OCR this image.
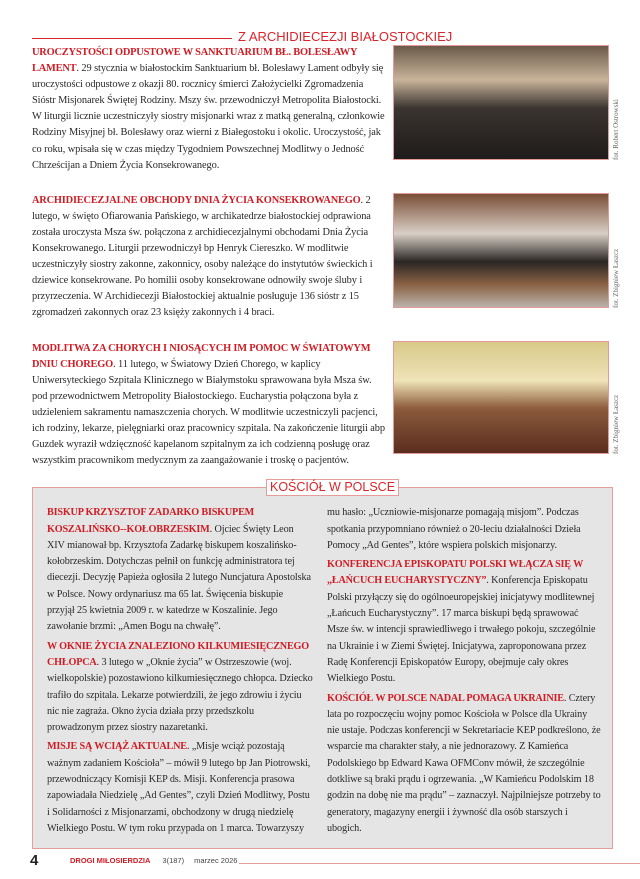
Z ARCHIDIECEZJI BIAŁOSTOCKIEJ
UROCZYSTOŚCI ODPUSTOWE W SANKTUARIUM BŁ. BOLESŁAWY LAMENT. 29 stycznia w białostockim Sanktuarium bł. Bolesławy Lament odbyły się uroczystości odpustowe z okazji 80. rocznicy śmierci Założycielki Zgromadzenia Sióstr Misjonarek Świętej Rodziny. Mszy św. przewodniczył Metropolita Białostocki. W liturgii licznie uczestniczyły siostry misjonarki wraz z matką generalną, członkowie Rodziny Misyjnej bł. Bolesławy oraz wierni z Białegostoku i okolic. Uroczystość, jak co roku, wpisała się w czas między Tygodniem Powszechnej Modlitwy o Jedność Chrześcijan a Dniem Życia Konsekrowanego.
fot. Robert Ostrowski
ARCHIDIECEZJALNE OBCHODY DNIA ŻYCIA KONSEKROWANEGO. 2 lutego, w święto Ofiarowania Pańskiego, w archikatedrze białostockiej odprawiona została uroczysta Msza św. połączona z archidiecezjalnymi obchodami Dnia Życia Konsekrowanego. Liturgii przewodniczył bp Henryk Ciereszko. W modlitwie uczestniczyły siostry zakonne, zakonnicy, osoby należące do instytutów świeckich i dziewice konsekrowane. Po homilii osoby konsekrowane odnowiły swoje śluby i przyrzeczenia. W Archidiecezji Białostockiej aktualnie posługuje 136 sióstr z 15 zgromadzeń zakonnych oraz 23 księży zakonnych i 4 braci.
fot. Zbigniew Łaszcz
MODLITWA ZA CHORYCH I NIOSĄCYCH IM POMOC W ŚWIATOWYM DNIU CHOREGO. 11 lutego, w Światowy Dzień Chorego, w kaplicy Uniwersyteckiego Szpitala Klinicznego w Białymstoku sprawowana była Msza św. pod przewodnictwem Metropolity Białostockiego. Eucharystia połączona była z udzieleniem sakramentu namaszczenia chorych. W modlitwie uczestniczyli pacjenci, ich rodziny, lekarze, pielęgniarki oraz pracownicy szpitala. Na zakończenie liturgii abp Guzdek wyraził wdzięczność kapelanom szpitalnym za ich codzienną posługę oraz wszystkim pracownikom medycznym za zaangażowanie i troskę o pacjentów.
fot. Zbigniew Łaszcz
KOŚCIÓŁ W POLSCE

BISKUP KRZYSZTOF ZADARKO BISKUPEM KOSZALIŃSKO--KOŁOBRZESKIM. Ojciec Święty Leon XIV mianował bp. Krzysztofa Zadarkę biskupem koszalińsko-kołobrzeskim. Dotychczas pełnił on funkcję administratora tej diecezji. Decyzję Papieża ogłosiła 2 lutego Nuncjatura Apostolska w Polsce. Nowy ordynariusz ma 65 lat. Święcenia biskupie przyjął 25 kwietnia 2009 r. w katedrze w Koszalinie. Jego zawołanie brzmi: „Amen Bogu na chwałę”.

W OKNIE ŻYCIA ZNALEZIONO KILKUMIESIĘCZNEGO CHŁOPCA. 3 lutego w „Oknie życia” w Ostrzeszowie (woj. wielkopolskie) pozostawiono kilkumiesięcznego chłopca. Dziecko trafiło do szpitala. Lekarze potwierdzili, że jego zdrowiu i życiu nic nie zagraża. Okno życia działa przy przedszkolu prowadzonym przez siostry nazaretanki.

MISJE SĄ WCIĄŻ AKTUALNE. „Misje wciąż pozostają ważnym zadaniem Kościoła” – mówił 9 lutego bp Jan Piotrowski, przewodniczący Komisji KEP ds. Misji. Konferencja prasowa zapowiadała Niedzielę „Ad Gentes”, czyli Dzień Modlitwy, Postu i Solidarności z Misjonarzami, obchodzony w drugą niedzielę Wielkiego Postu. W tym roku przypada on 1 marca. Towarzyszy

mu hasło: „Uczniowie-misjonarze pomagają misjom”. Podczas spotkania przypomniano również o 20-leciu działalności Dzieła Pomocy „Ad Gentes”, które wspiera polskich misjonarzy.

KONFERENCJA EPISKOPATU POLSKI WŁĄCZA SIĘ W „ŁAŃCUCH EUCHARYSTYCZNY”. Konferencja Episkopatu Polski przyłączy się do ogólnoeuropejskiej inicjatywy modlitewnej „Łańcuch Eucharystyczny”. 17 marca biskupi będą sprawować Msze św. w intencji sprawiedliwego i trwałego pokoju, szczególnie na Ukrainie i w Ziemi Świętej. Inicjatywa, zaproponowana przez Radę Konferencji Episkopatów Europy, obejmuje cały okres Wielkiego Postu.

KOŚCIÓŁ W POLSCE NADAL POMAGA UKRAINIE. Cztery lata po rozpoczęciu wojny pomoc Kościoła w Polsce dla Ukrainy nie ustaje. Podczas konferencji w Sekretariacie KEP podkreślono, że wsparcie ma charakter stały, a nie jednorazowy. Z Kamieńca Podolskiego bp Edward Kawa OFMConv mówił, że szczególnie dotkliwe są braki prądu i ogrzewania. „W Kamieńcu Podolskim 18 godzin na dobę nie ma prądu” – zaznaczył. Najpilniejsze potrzeby to generatory, magazyny energii i żywność dla osób starszych i ubogich.

4	DROGI MIŁOSIERDZIA 3(187) marzec 2026
